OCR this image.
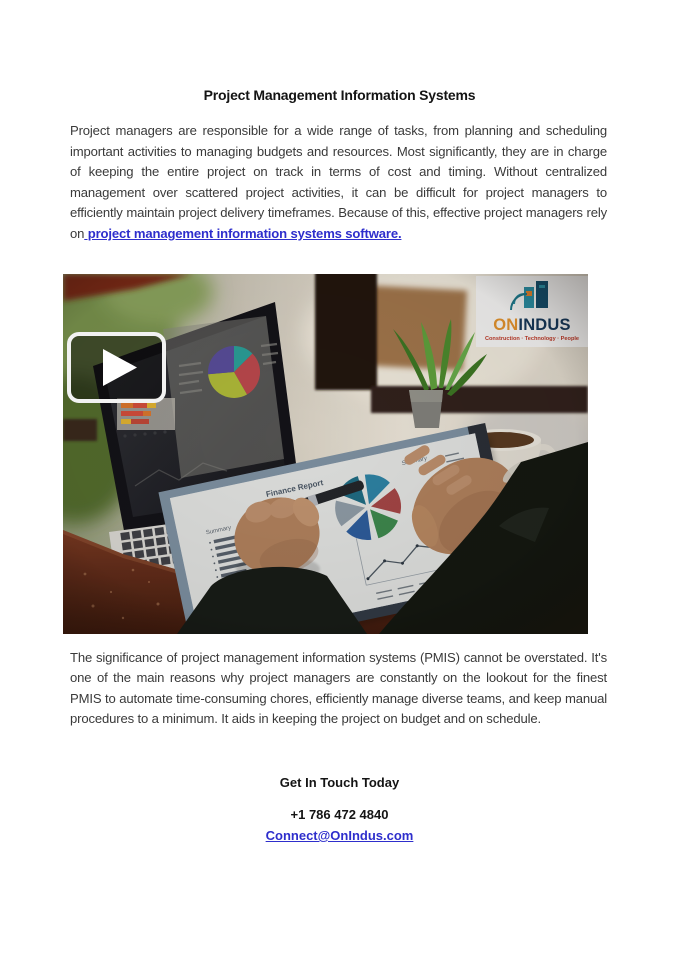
Project Management Information Systems

Project managers are responsible for a wide range of tasks, from planning and scheduling important activities to managing budgets and resources. Most significantly, they are in charge of keeping the entire project on track in terms of cost and timing. Without centralized management over scattered project activities, it can be difficult for project managers to efficiently maintain project delivery timeframes. Because of this, effective project managers rely on project management information systems software.

The significance of project management information systems (PMIS) cannot be overstated. It's one of the main reasons why project managers are constantly on the lookout for the finest PMIS to automate time-consuming chores, efficiently manage diverse teams, and keep manual procedures to a minimum. It aids in keeping the project on budget and on schedule.

Get In Touch Today

+1 786 472 4840

Connect@OnIndus.com
